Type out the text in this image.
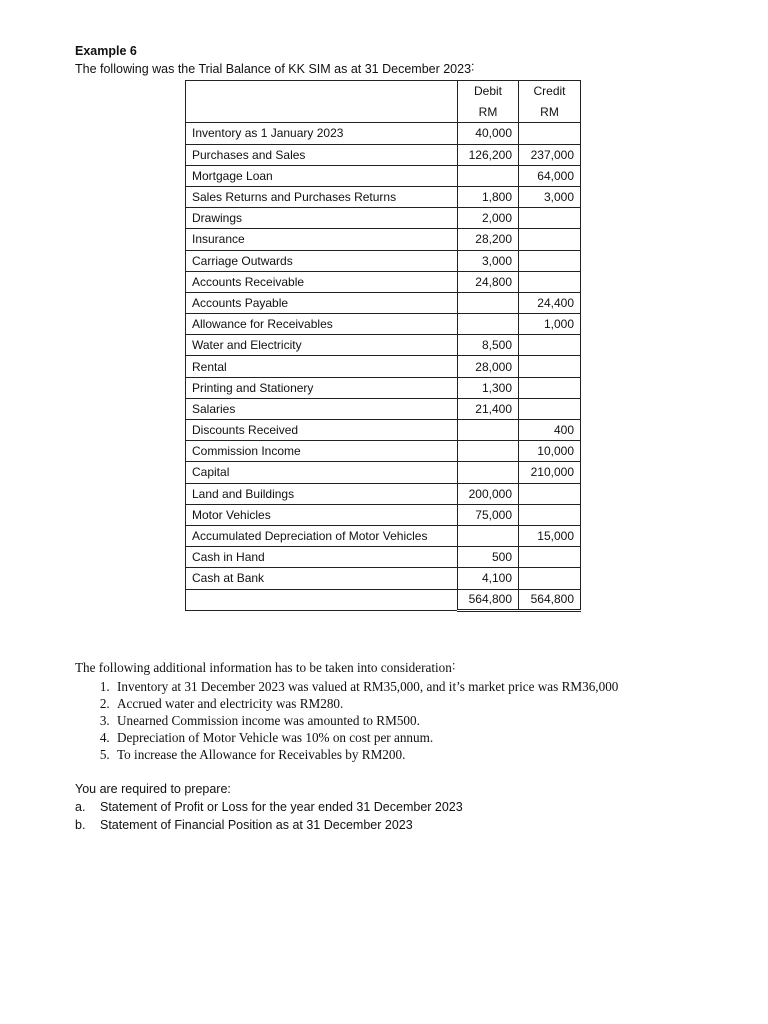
Example 6
The following was the Trial Balance of KK SIM as at 31 December 2023˸
	Debit	Credit
	RM	RM
Inventory as 1 January 2023	40,000	
Purchases and Sales	126,200	237,000
Mortgage Loan		64,000
Sales Returns and Purchases Returns	1,800	3,000
Drawings	2,000	
Insurance	28,200	
Carriage Outwards	3,000	
Accounts Receivable	24,800	
Accounts Payable		24,400
Allowance for Receivables		1,000
Water and Electricity	8,500	
Rental	28,000	
Printing and Stationery	1,300	
Salaries	21,400	
Discounts Received		400
Commission Income		10,000
Capital		210,000
Land and Buildings	200,000	
Motor Vehicles	75,000	
Accumulated Depreciation of Motor Vehicles		15,000
Cash in Hand	500	
Cash at Bank	4,100	
	564,800	564,800
The following additional information has to be taken into consideration˸
1. Inventory at 31 December 2023 was valued at RM35,000, and it’s market price was RM36,000
2. Accrued water and electricity was RM280.
3. Unearned Commission income was amounted to RM500.
4. Depreciation of Motor Vehicle was 10% on cost per annum.
5. To increase the Allowance for Receivables by RM200.
You are required to prepare:
a. Statement of Profit or Loss for the year ended 31 December 2023
b. Statement of Financial Position as at 31 December 2023
